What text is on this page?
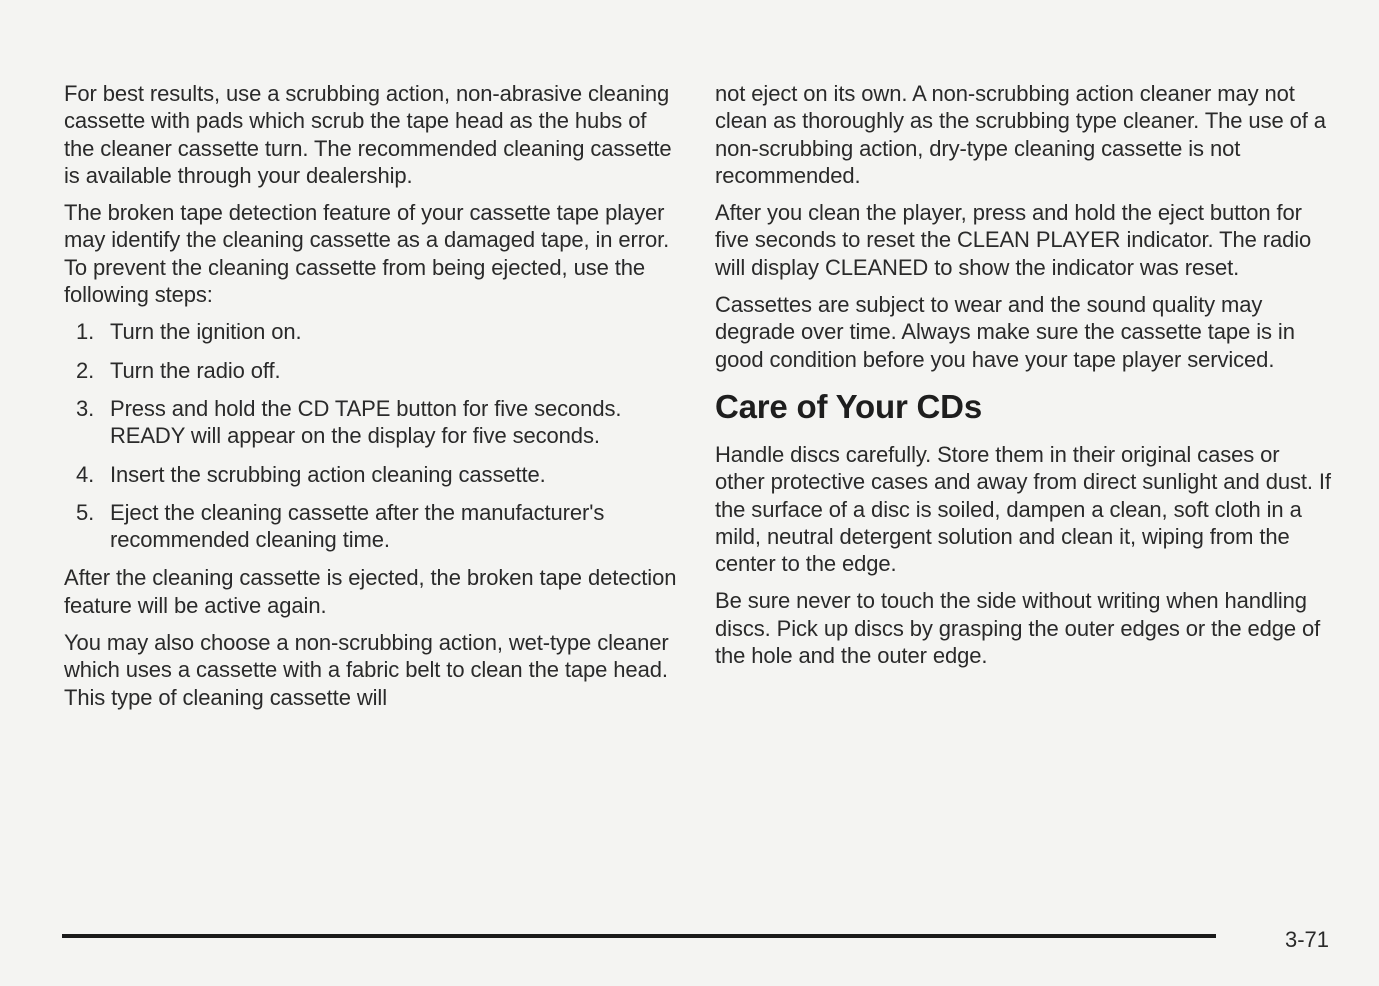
For best results, use a scrubbing action, non-abrasive cleaning cassette with pads which scrub the tape head as the hubs of the cleaner cassette turn. The recommended cleaning cassette is available through your dealership.

The broken tape detection feature of your cassette tape player may identify the cleaning cassette as a damaged tape, in error. To prevent the cleaning cassette from being ejected, use the following steps:

1. Turn the ignition on.
2. Turn the radio off.
3. Press and hold the CD TAPE button for five seconds. READY will appear on the display for five seconds.
4. Insert the scrubbing action cleaning cassette.
5. Eject the cleaning cassette after the manufacturer's recommended cleaning time.

After the cleaning cassette is ejected, the broken tape detection feature will be active again.

You may also choose a non-scrubbing action, wet-type cleaner which uses a cassette with a fabric belt to clean the tape head. This type of cleaning cassette will

not eject on its own. A non-scrubbing action cleaner may not clean as thoroughly as the scrubbing type cleaner. The use of a non-scrubbing action, dry-type cleaning cassette is not recommended.

After you clean the player, press and hold the eject button for five seconds to reset the CLEAN PLAYER indicator. The radio will display CLEANED to show the indicator was reset.

Cassettes are subject to wear and the sound quality may degrade over time. Always make sure the cassette tape is in good condition before you have your tape player serviced.

Care of Your CDs

Handle discs carefully. Store them in their original cases or other protective cases and away from direct sunlight and dust. If the surface of a disc is soiled, dampen a clean, soft cloth in a mild, neutral detergent solution and clean it, wiping from the center to the edge.

Be sure never to touch the side without writing when handling discs. Pick up discs by grasping the outer edges or the edge of the hole and the outer edge.

3-71
